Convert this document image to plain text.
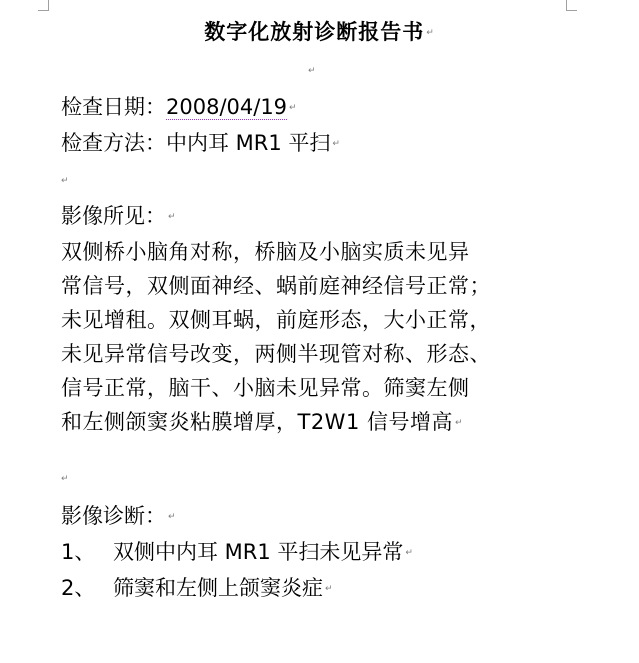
数字化放射诊断报告书 ↵
↵
检查日期：2008/04/19 ↵
检查方法：中内耳 MR1 平扫 ↵
↵
影像所见： ↵
双侧桥小脑角对称，桥脑及小脑实质未见异
常信号，双侧面神经、蜗前庭神经信号正常；
未见增租。双侧耳蜗，前庭形态，大小正常，
未见异常信号改变，两侧半现管对称、形态、
信号正常，脑干、小脑未见异常。筛窦左侧
和左侧颌窦炎粘膜增厚，T2W1 信号增高 ↵
↵
影像诊断： ↵
1、 双侧中内耳 MR1 平扫未见异常 ↵
2、 筛窦和左侧上颌窦炎症 ↵
